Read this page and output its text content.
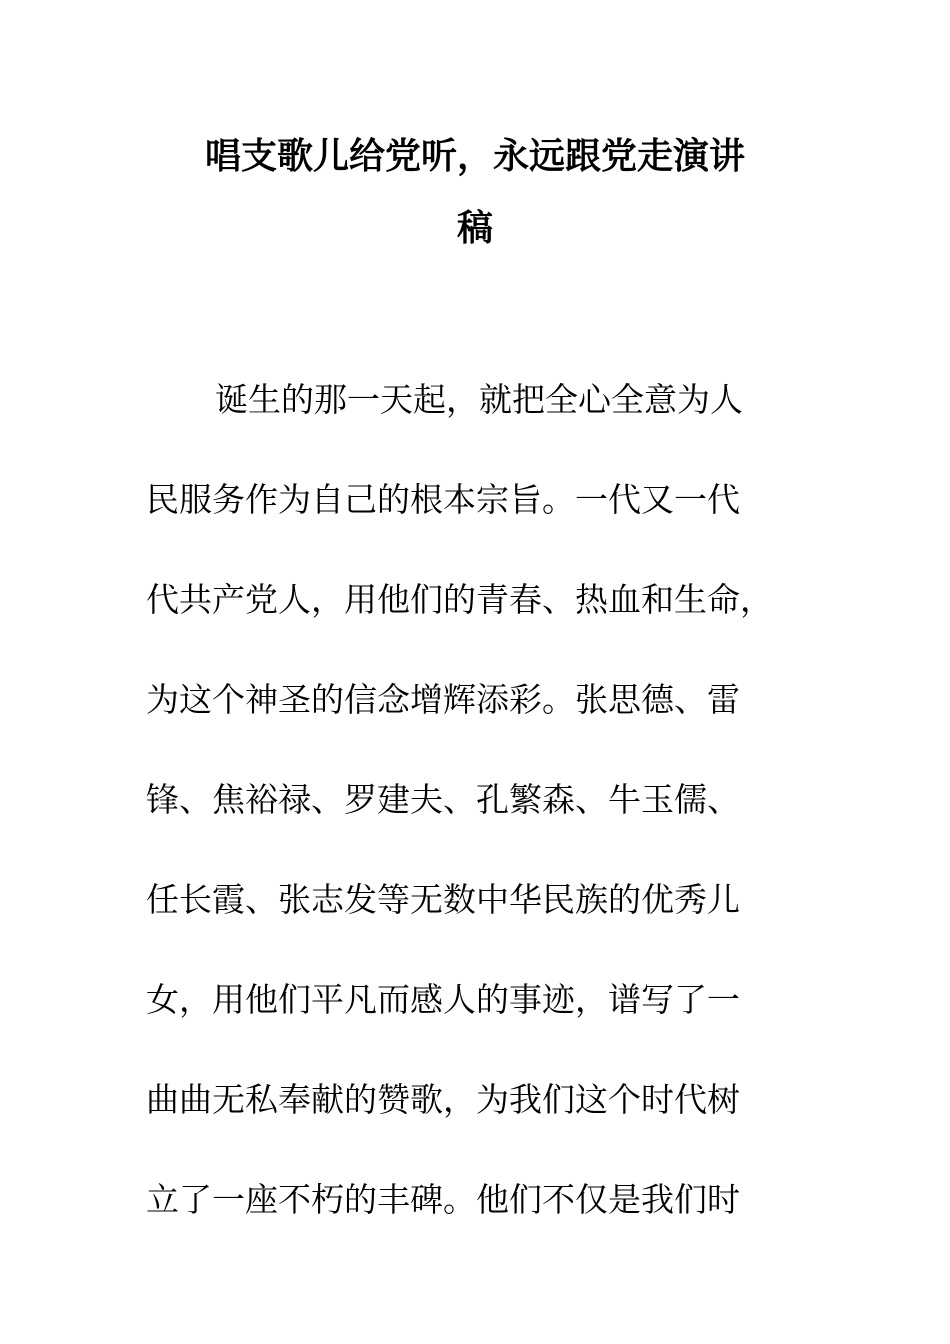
唱支歌儿给党听，永远跟党走演讲
稿

诞生的那一天起，就把全心全意为人

民服务作为自己的根本宗旨。一代又一代

代共产党人，用他们的青春、热血和生命，

为这个神圣的信念增辉添彩。张思德、雷

锋、焦裕禄、罗建夫、孔繁森、牛玉儒、

任长霞、张志发等无数中华民族的优秀儿

女，用他们平凡而感人的事迹，谱写了一

曲曲无私奉献的赞歌，为我们这个时代树

立了一座不朽的丰碑。他们不仅是我们时
